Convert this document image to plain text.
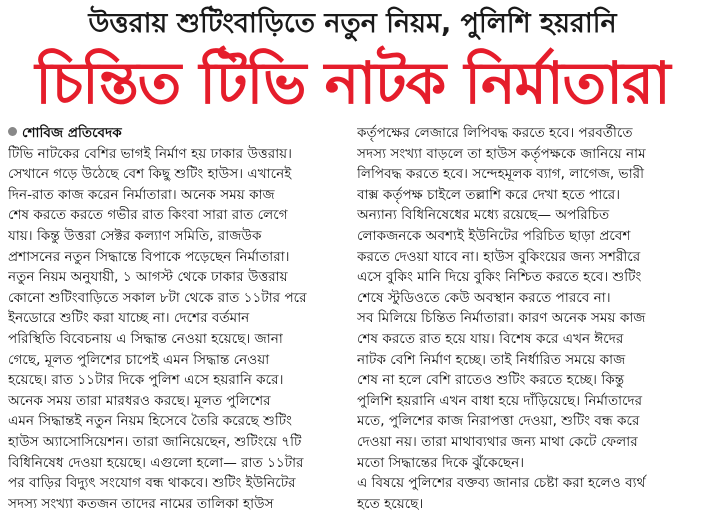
উত্তরায় শুটিংবাড়িতে নতুন নিয়ম, পুলিশি হয়রানি
চিন্তিত টিভি নাটক নির্মাতারা
শোবিজ প্রতিবেদক
টিভি নাটকের বেশির ভাগই নির্মাণ হয় ঢাকার উত্তরায়।
সেখানে গড়ে উঠেছে বেশ কিছু শুটিং হাউস। এখানেই
দিন-রাত কাজ করেন নির্মাতারা। অনেক সময় কাজ
শেষ করতে করতে গভীর রাত কিংবা সারা রাত লেগে
যায়। কিন্তু উত্তরা সেক্টর কল্যাণ সমিতি, রাজউক
প্রশাসনের নতুন সিদ্ধান্তে বিপাকে পড়েছেন নির্মাতারা।
নতুন নিয়ম অনুযায়ী, ১ আগস্ট থেকে ঢাকার উত্তরায়
কোনো শুটিংবাড়িতে সকাল ৮টা থেকে রাত ১১টার পরে
ইনডোরে শুটিং করা যাচ্ছে না। দেশের বর্তমান
পরিস্থিতি বিবেচনায় এ সিদ্ধান্ত নেওয়া হয়েছে। জানা
গেছে, মূলত পুলিশের চাপেই এমন সিদ্ধান্ত নেওয়া
হয়েছে। রাত ১১টার দিকে পুলিশ এসে হয়রানি করে।
অনেক সময় তারা মারধরও করছে। মূলত পুলিশের
এমন সিদ্ধান্তই নতুন নিয়ম হিসেবে তৈরি করেছে শুটিং
হাউস অ্যাসোসিয়েশন। তারা জানিয়েছেন, শুটিংয়ে ৭টি
বিধিনিষেধ দেওয়া হয়েছে। এগুলো হলো— রাত ১১টার
পর বাড়ির বিদ্যুৎ সংযোগ বন্ধ থাকবে। শুটিং ইউনিটের
সদস্য সংখ্যা কতজন তাদের নামের তালিকা হাউস
কর্তৃপক্ষের লেজারে লিপিবদ্ধ করতে হবে। পরবর্তীতে
সদস্য সংখ্যা বাড়লে তা হাউস কর্তৃপক্ষকে জানিয়ে নাম
লিপিবদ্ধ করতে হবে। সন্দেহমূলক ব্যাগ, লাগেজ, ভারী
বাক্স কর্তৃপক্ষ চাইলে তল্লাশি করে দেখা হতে পারে।
অন্যান্য বিধিনিষেধের মধ্যে রয়েছে— অপরিচিত
লোকজনকে অবশ্যই ইউনিটের পরিচিত ছাড়া প্রবেশ
করতে দেওয়া যাবে না। হাউস বুকিংয়ের জন্য সশরীরে
এসে বুকিং মানি দিয়ে বুকিং নিশ্চিত করতে হবে। শুটিং
শেষে স্টুডিওতে কেউ অবস্থান করতে পারবে না।
সব মিলিয়ে চিন্তিত নির্মাতারা। কারণ অনেক সময় কাজ
শেষ করতে রাত হয়ে যায়। বিশেষ করে এখন ঈদের
নাটক বেশি নির্মাণ হচ্ছে। তাই নির্ধারিত সময়ে কাজ
শেষ না হলে বেশি রাতেও শুটিং করতে হচ্ছে। কিন্তু
পুলিশি হয়রানি এখন বাধা হয়ে দাঁড়িয়েছে। নির্মাতাদের
মতে, পুলিশের কাজ নিরাপত্তা দেওয়া, শুটিং বন্ধ করে
দেওয়া নয়। তারা মাথাব্যথার জন্য মাথা কেটে ফেলার
মতো সিদ্ধান্তের দিকে ঝুঁকেছেন।
এ বিষয়ে পুলিশের বক্তব্য জানার চেষ্টা করা হলেও ব্যর্থ
হতে হয়েছে।
